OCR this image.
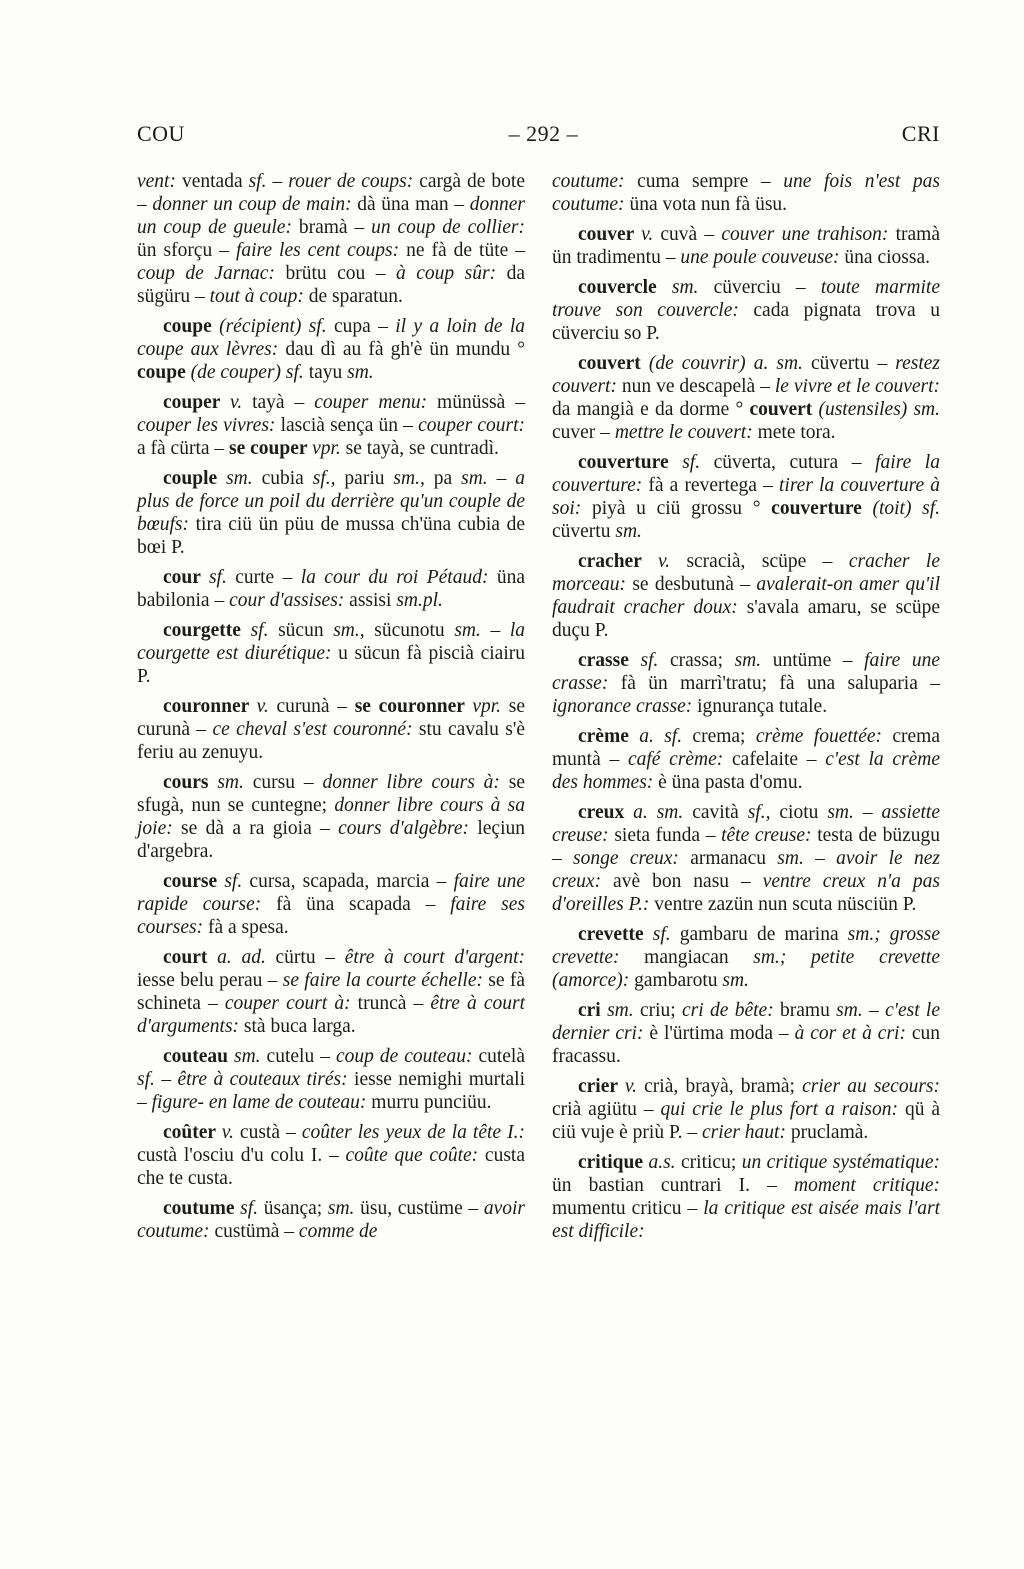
COU	– 292 –	CRI

vent: ventada sf. – rouer de coups: cargà de bote – donner un coup de main: dà üna man – donner un coup de gueule: bramà – un coup de collier: ün sforçu – faire les cent coups: ne fà de tüte – coup de Jarnac: brütu cou – à coup sûr: da sügüru – tout à coup: de sparatun.

coupe (récipient) sf. cupa – il y a loin de la coupe aux lèvres: dau dì au fà gh'è ün mundu ° coupe (de couper) sf. tayu sm.

couper v. tayà – couper menu: münüssà – couper les vivres: lascià sença ün – couper court: a fà cürta – se couper vpr. se tayà, se cuntradì.

couple sm. cubia sf., pariu sm., pa sm. – a plus de force un poil du derrière qu'un couple de bœufs: tira ciü ün püu de mussa ch'üna cubia de bœi P.

cour sf. curte – la cour du roi Pétaud: üna babilonia – cour d'assises: assisi sm.pl.

courgette sf. sücun sm., sücunotu sm. – la courgette est diurétique: u sücun fà piscià ciairu P.

couronner v. curunà – se couronner vpr. se curunà – ce cheval s'est couronné: stu cavalu s'è feriu au zenuyu.

cours sm. cursu – donner libre cours à: se sfugà, nun se cuntegne; donner libre cours à sa joie: se dà a ra gioia – cours d'algèbre: leçiun d'argebra.

course sf. cursa, scapada, marcia – faire une rapide course: fà üna scapada – faire ses courses: fà a spesa.

court a. ad. cürtu – être à court d'argent: iesse belu perau – se faire la courte échelle: se fà schineta – couper court à: truncà – être à court d'arguments: stà buca larga.

couteau sm. cutelu – coup de couteau: cutelà sf. – être à couteaux tirés: iesse nemighi murtali – figure- en lame de couteau: murru punciüu.

coûter v. custà – coûter les yeux de la tête I.: custà l'osciu d'u colu I. – coûte que coûte: custa che te custa.

coutume sf. üsança; sm. üsu, custüme – avoir coutume: custümà – comme de

coutume: cuma sempre – une fois n'est pas coutume: üna vota nun fà üsu.

couver v. cuvà – couver une trahison: tramà ün tradimentu – une poule couveuse: üna ciossa.

couvercle sm. cüverciu – toute marmite trouve son couvercle: cada pignata trova u cüverciu so P.

couvert (de couvrir) a. sm. cüvertu – restez couvert: nun ve descapelà – le vivre et le couvert: da mangià e da dorme ° couvert (ustensiles) sm. cuver – mettre le couvert: mete tora.

couverture sf. cüverta, cutura – faire la couverture: fà a revertega – tirer la couverture à soi: piyà u ciü grossu ° couverture (toit) sf. cüvertu sm.

cracher v. scracià, scüpe – cracher le morceau: se desbutunà – avalerait-on amer qu'il faudrait cracher doux: s'avala amaru, se scüpe duçu P.

crasse sf. crassa; sm. untüme – faire une crasse: fà ün marrì'tratu; fà una saluparia – ignorance crasse: ignurança tutale.

crème a. sf. crema; crème fouettée: crema muntà – café crème: cafelaite – c'est la crème des hommes: è üna pasta d'omu.

creux a. sm. cavità sf., ciotu sm. – assiette creuse: sieta funda – tête creuse: testa de büzugu – songe creux: armanacu sm. – avoir le nez creux: avè bon nasu – ventre creux n'a pas d'oreilles P.: ventre zazün nun scuta nüsciün P.

crevette sf. gambaru de marina sm.; grosse crevette: mangiacan sm.; petite crevette (amorce): gambarotu sm.

cri sm. criu; cri de bête: bramu sm. – c'est le dernier cri: è l'ürtima moda – à cor et à cri: cun fracassu.

crier v. crià, brayà, bramà; crier au secours: crià agiütu – qui crie le plus fort a raison: qü à ciü vuje è priù P. – crier haut: pruclamà.

critique a.s. criticu; un critique systématique: ün bastian cuntrari I. – moment critique: mumentu criticu – la critique est aisée mais l'art est difficile:
